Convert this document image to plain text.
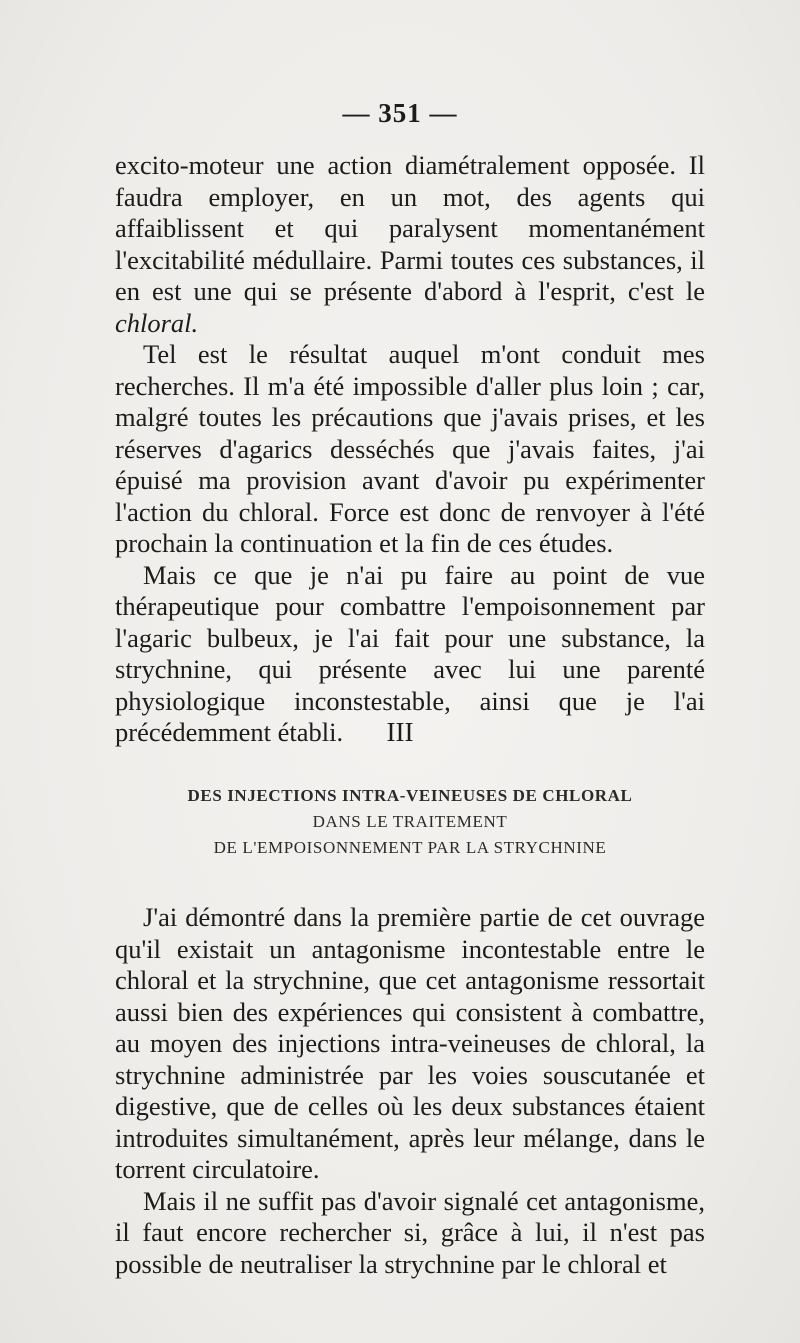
— 351 —

excito-moteur une action diamétralement opposée. Il faudra employer, en un mot, des agents qui affaiblissent et qui paralysent momentanément l'excitabilité médullaire. Parmi toutes ces substances, il en est une qui se présente d'abord à l'esprit, c'est le chloral.

Tel est le résultat auquel m'ont conduit mes recherches. Il m'a été impossible d'aller plus loin ; car, malgré toutes les précautions que j'avais prises, et les réserves d'agarics desséchés que j'avais faites, j'ai épuisé ma provision avant d'avoir pu expérimenter l'action du chloral. Force est donc de renvoyer à l'été prochain la continuation et la fin de ces études.

Mais ce que je n'ai pu faire au point de vue thérapeutique pour combattre l'empoisonnement par l'agaric bulbeux, je l'ai fait pour une substance, la strychnine, qui présente avec lui une parenté physiologique inconstestable, ainsi que je l'ai précédemment établi.	III
DES INJECTIONS INTRA-VEINEUSES DE CHLORAL
DANS LE TRAITEMENT
DE L'EMPOISONNEMENT PAR LA STRYCHNINE

J'ai démontré dans la première partie de cet ouvrage qu'il existait un antagonisme incontestable entre le chloral et la strychnine, que cet antagonisme ressortait aussi bien des expériences qui consistent à combattre, au moyen des injections intra-veineuses de chloral, la strychnine administrée par les voies souscutanée et digestive, que de celles où les deux substances étaient introduites simultanément, après leur mélange, dans le torrent circulatoire.

Mais il ne suffit pas d'avoir signalé cet antagonisme, il faut encore rechercher si, grâce à lui, il n'est pas possible de neutraliser la strychnine par le chloral et
